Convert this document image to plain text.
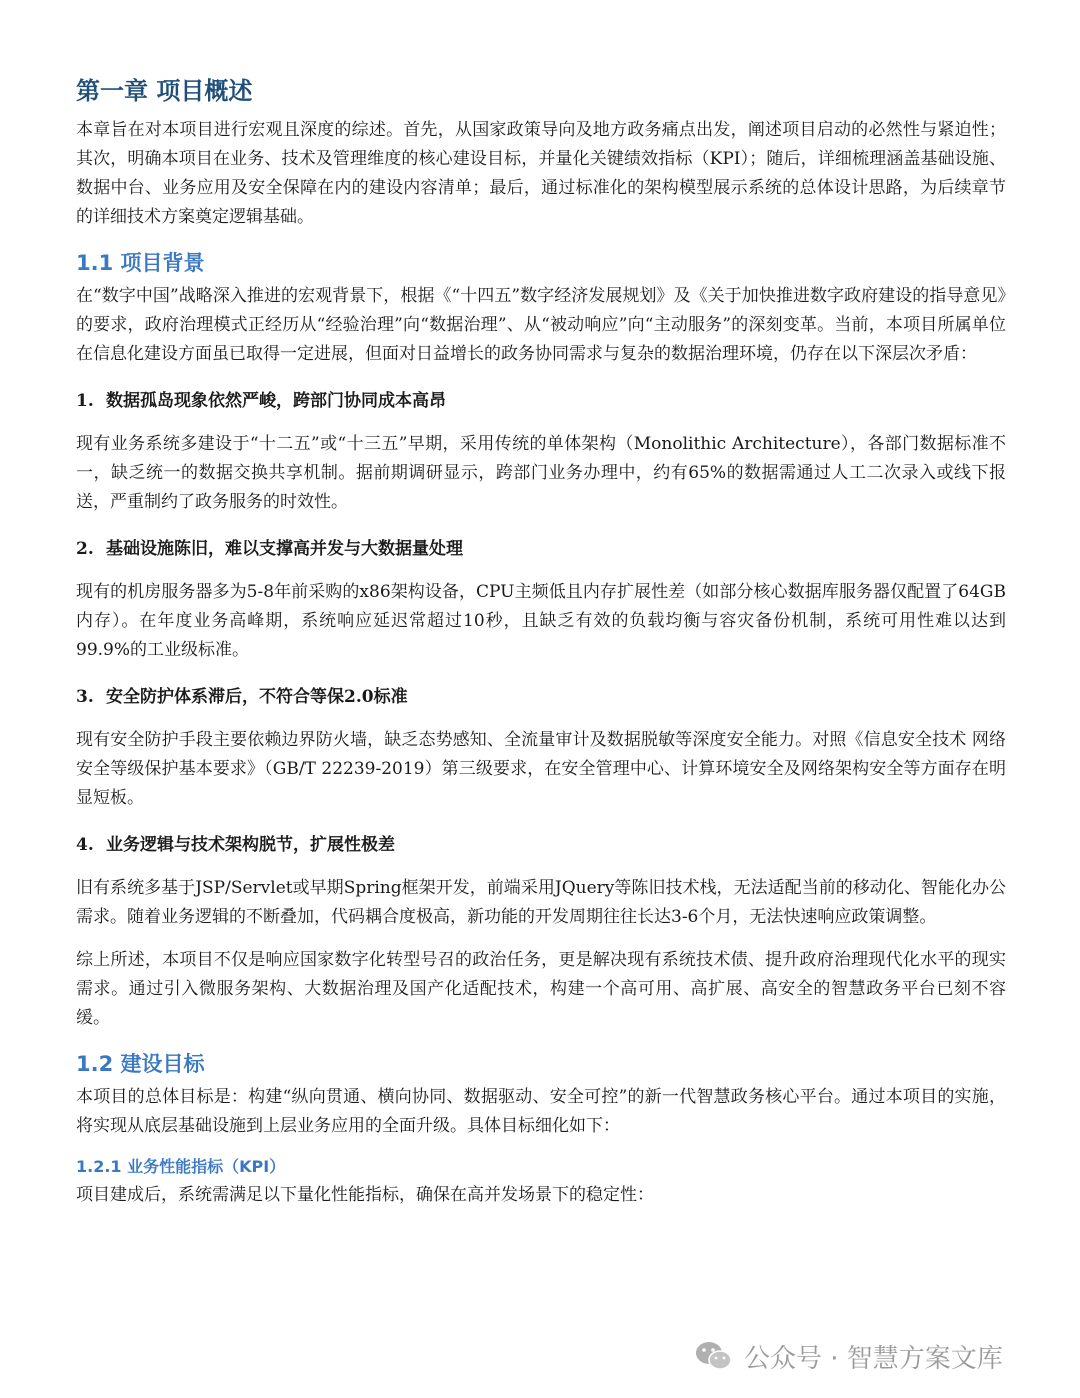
第一章 项目概述

本章旨在对本项目进行宏观且深度的综述。首先，从国家政策导向及地方政务痛点出发，阐述项目启动的必然性与紧迫性；其次，明确本项目在业务、技术及管理维度的核心建设目标，并量化关键绩效指标（KPI）；随后，详细梳理涵盖基础设施、数据中台、业务应用及安全保障在内的建设内容清单；最后，通过标准化的架构模型展示系统的总体设计思路，为后续章节的详细技术方案奠定逻辑基础。

1.1 项目背景

在“数字中国”战略深入推进的宏观背景下，根据《“十四五”数字经济发展规划》及《关于加快推进数字政府建设的指导意见》的要求，政府治理模式正经历从“经验治理”向“数据治理”、从“被动响应”向“主动服务”的深刻变革。当前，本项目所属单位在信息化建设方面虽已取得一定进展，但面对日益增长的政务协同需求与复杂的数据治理环境，仍存在以下深层次矛盾：

1. 数据孤岛现象依然严峻，跨部门协同成本高昂

现有业务系统多建设于“十二五”或“十三五”早期，采用传统的单体架构（Monolithic Architecture），各部门数据标准不一，缺乏统一的数据交换共享机制。据前期调研显示，跨部门业务办理中，约有65%的数据需通过人工二次录入或线下报送，严重制约了政务服务的时效性。

2. 基础设施陈旧，难以支撑高并发与大数据量处理

现有的机房服务器多为5-8年前采购的x86架构设备，CPU主频低且内存扩展性差（如部分核心数据库服务器仅配置了64GB内存）。在年度业务高峰期，系统响应延迟常超过10秒，且缺乏有效的负载均衡与容灾备份机制，系统可用性难以达到99.9%的工业级标准。

3. 安全防护体系滞后，不符合等保2.0标准

现有安全防护手段主要依赖边界防火墙，缺乏态势感知、全流量审计及数据脱敏等深度安全能力。对照《信息安全技术 网络安全等级保护基本要求》（GB/T 22239-2019）第三级要求，在安全管理中心、计算环境安全及网络架构安全等方面存在明显短板。

4. 业务逻辑与技术架构脱节，扩展性极差

旧有系统多基于JSP/Servlet或早期Spring框架开发，前端采用JQuery等陈旧技术栈，无法适配当前的移动化、智能化办公需求。随着业务逻辑的不断叠加，代码耦合度极高，新功能的开发周期往往长达3-6个月，无法快速响应政策调整。

综上所述，本项目不仅是响应国家数字化转型号召的政治任务，更是解决现有系统技术债、提升政府治理现代化水平的现实需求。通过引入微服务架构、大数据治理及国产化适配技术，构建一个高可用、高扩展、高安全的智慧政务平台已刻不容缓。

1.2 建设目标

本项目的总体目标是：构建“纵向贯通、横向协同、数据驱动、安全可控”的新一代智慧政务核心平台。通过本项目的实施，将实现从底层基础设施到上层业务应用的全面升级。具体目标细化如下：

1.2.1 业务性能指标（KPI）

项目建成后，系统需满足以下量化性能指标，确保在高并发场景下的稳定性：

公众号 · 智慧方案文库
